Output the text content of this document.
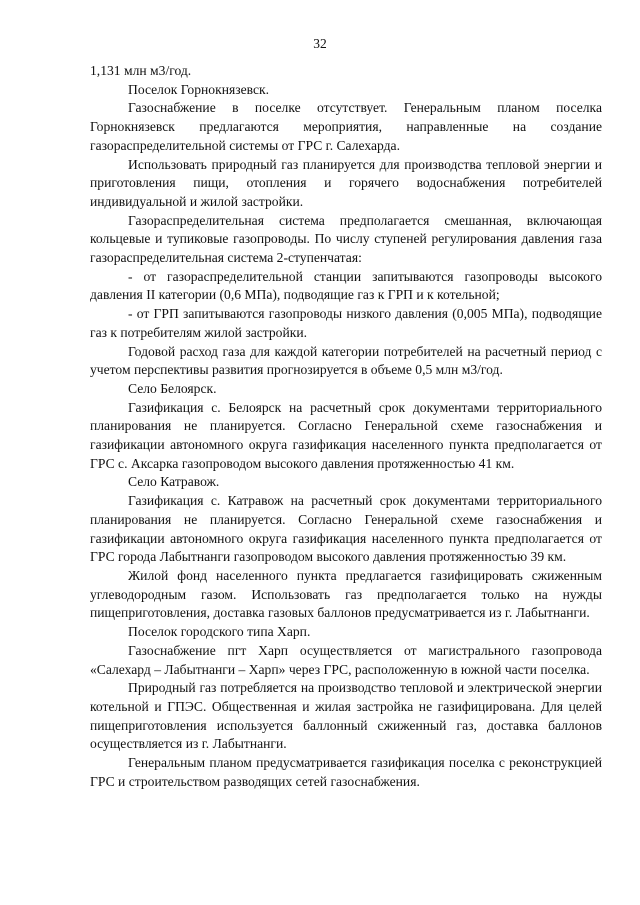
32

1,131 млн м3/год.

Поселок Горнокнязевск.

Газоснабжение в поселке отсутствует. Генеральным планом поселка Горнокнязевск предлагаются мероприятия, направленные на создание газораспределительной системы от ГРС г. Салехарда.

Использовать природный газ планируется для производства тепловой энергии и приготовления пищи, отопления и горячего водоснабжения потребителей индивидуальной и жилой застройки.

Газораспределительная система предполагается смешанная, включающая кольцевые и тупиковые газопроводы. По числу ступеней регулирования давления газа газораспределительная система 2-ступенчатая:

- от газораспределительной станции запитываются газопроводы высокого давления II категории (0,6 МПа), подводящие газ к ГРП и к котельной;

- от ГРП запитываются газопроводы низкого давления (0,005 МПа), подводящие газ к потребителям жилой застройки.

Годовой расход газа для каждой категории потребителей на расчетный период с учетом перспективы развития прогнозируется в объеме 0,5 млн м3/год.

Село Белоярск.

Газификация с. Белоярск на расчетный срок документами территориального планирования не планируется. Согласно Генеральной схеме газоснабжения и газификации автономного округа газификация населенного пункта предполагается от ГРС с. Аксарка газопроводом высокого давления протяженностью 41 км.

Село Катравож.

Газификация с. Катравож на расчетный срок документами территориального планирования не планируется. Согласно Генеральной схеме газоснабжения и газификации автономного округа газификация населенного пункта предполагается от ГРС города Лабытнанги газопроводом высокого давления протяженностью 39 км.

Жилой фонд населенного пункта предлагается газифицировать сжиженным углеводородным газом. Использовать газ предполагается только на нужды пищеприготовления, доставка газовых баллонов предусматривается из г. Лабытнанги.

Поселок городского типа Харп.

Газоснабжение пгт Харп осуществляется от магистрального газопровода «Салехард – Лабытнанги – Харп» через ГРС, расположенную в южной части поселка.

Природный газ потребляется на производство тепловой и электрической энергии котельной и ГПЭС. Общественная и жилая застройка не газифицирована. Для целей пищеприготовления используется баллонный сжиженный газ, доставка баллонов осуществляется из г. Лабытнанги.

Генеральным планом предусматривается газификация поселка с реконструкцией ГРС и строительством разводящих сетей газоснабжения.
